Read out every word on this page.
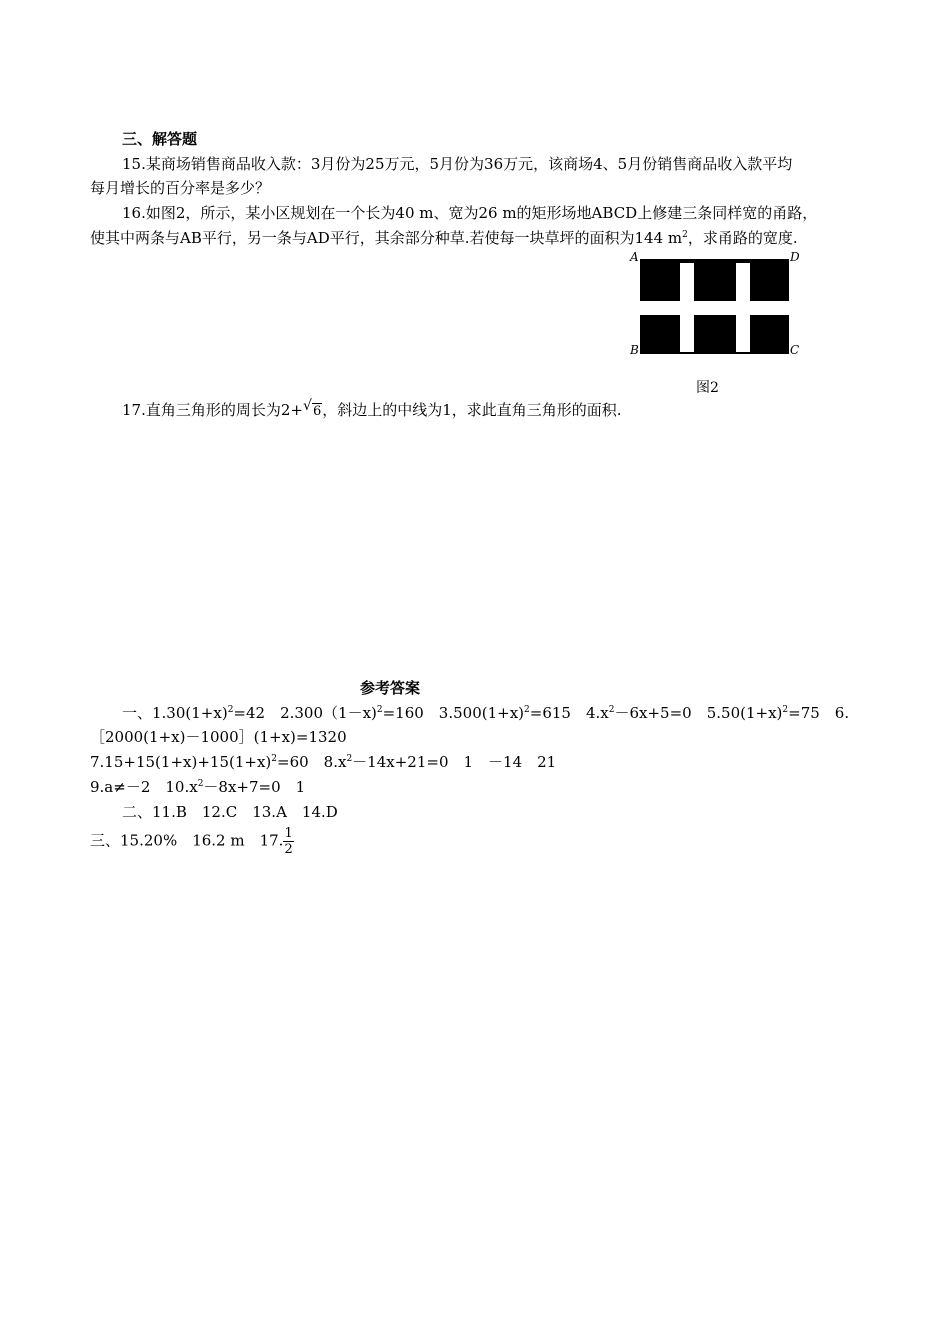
三、解答题
15.某商场销售商品收入款：3月份为25万元，5月份为36万元，该商场4、5月份销售商品收入款平均
每月增长的百分率是多少？
16.如图2，所示，某小区规划在一个长为40 m、宽为26 m的矩形场地ABCD上修建三条同样宽的甬路，
使其中两条与AB平行，另一条与AD平行，其余部分种草.若使每一块草坪的面积为144 $m^2$，求甬路的宽度.
A	D
B	C
图2
17.直角三角形的周长为2+ √ 6，斜边上的中线为1，求此直角三角形的面积.
参考答案
一、$1.30(1+x)^2=42$　2.300（1－x)$^2$=160　$3.500(1+x)^2=615$　$4.x^2-6x+5=0$　$5.50(1+x)^2=75$　6.
［2000(1+x)－1000］(1+x)=1320
$7.15+15(1+x)+15(1+x)^2=60$　$8.x^2-14x+21=0$　1　－14　21
9.a≠－2　$10.x^2-8x+7=0$　1
二、11.B　12.C　13.A　14.D
三、15.20%　16.2 m　17. $\frac{1}{2}$
